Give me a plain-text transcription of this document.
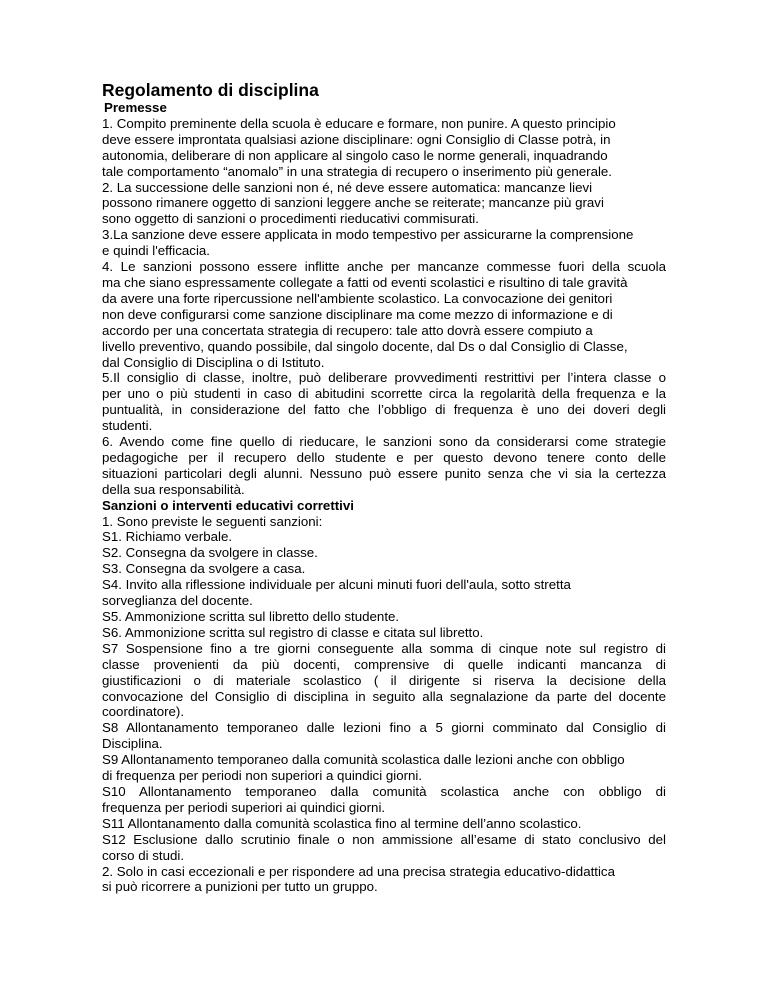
Regolamento di disciplina
Premesse
1. Compito preminente della scuola è educare e formare, non punire. A questo principio
deve essere improntata qualsiasi azione disciplinare: ogni Consiglio di Classe potrà, in
autonomia, deliberare di non applicare al singolo caso le norme generali, inquadrando
tale comportamento “anomalo” in una strategia di recupero o inserimento più generale.
2. La successione delle sanzioni non é, né deve essere automatica: mancanze lievi
possono rimanere oggetto di sanzioni leggere anche se reiterate; mancanze più gravi
sono oggetto di sanzioni o procedimenti rieducativi commisurati.
3.La sanzione deve essere applicata in modo tempestivo per assicurarne la comprensione
e quindi l'efficacia.
4. Le sanzioni possono essere inflitte anche per mancanze commesse fuori della scuola
ma che siano espressamente collegate a fatti od eventi scolastici e risultino di tale gravità
da avere una forte ripercussione nell'ambiente scolastico. La convocazione dei genitori
non deve configurarsi come sanzione disciplinare ma come mezzo di informazione e di
accordo per una concertata strategia di recupero: tale atto dovrà essere compiuto a
livello preventivo, quando possibile, dal singolo docente, dal Ds o dal Consiglio di Classe,
dal Consiglio di Disciplina o di Istituto.
5.Il consiglio di classe, inoltre, può deliberare provvedimenti restrittivi per l’intera classe o
per uno o più studenti in caso di abitudini scorrette circa la regolarità della frequenza e la
puntualità, in considerazione del fatto che l’obbligo di frequenza è uno dei doveri degli
studenti.
6. Avendo come fine quello di rieducare, le sanzioni sono da considerarsi come strategie
pedagogiche per il recupero dello studente e per questo devono tenere conto delle
situazioni particolari degli alunni. Nessuno può essere punito senza che vi sia la certezza
della sua responsabilità.
Sanzioni o interventi educativi correttivi
1. Sono previste le seguenti sanzioni:
S1. Richiamo verbale.
S2. Consegna da svolgere in classe.
S3. Consegna da svolgere a casa.
S4. Invito alla riflessione individuale per alcuni minuti fuori dell'aula, sotto stretta
sorveglianza del docente.
S5. Ammonizione scritta sul libretto dello studente.
S6. Ammonizione scritta sul registro di classe e citata sul libretto.
S7 Sospensione fino a tre giorni conseguente alla somma di cinque note sul registro di
classe provenienti da più docenti, comprensive di quelle indicanti mancanza di
giustificazioni o di materiale scolastico ( il dirigente si riserva la decisione della
convocazione del Consiglio di disciplina in seguito alla segnalazione da parte del docente
coordinatore).
S8 Allontanamento temporaneo dalle lezioni fino a 5 giorni comminato dal Consiglio di
Disciplina.
S9 Allontanamento temporaneo dalla comunità scolastica dalle lezioni anche con obbligo
di frequenza per periodi non superiori a quindici giorni.
S10 Allontanamento temporaneo dalla comunità scolastica anche con obbligo di
frequenza per periodi superiori ai quindici giorni.
S11 Allontanamento dalla comunità scolastica fino al termine dell’anno scolastico.
S12 Esclusione dallo scrutinio finale o non ammissione all’esame di stato conclusivo del
corso di studi.
2. Solo in casi eccezionali e per rispondere ad una precisa strategia educativo-didattica
si può ricorrere a punizioni per tutto un gruppo.
